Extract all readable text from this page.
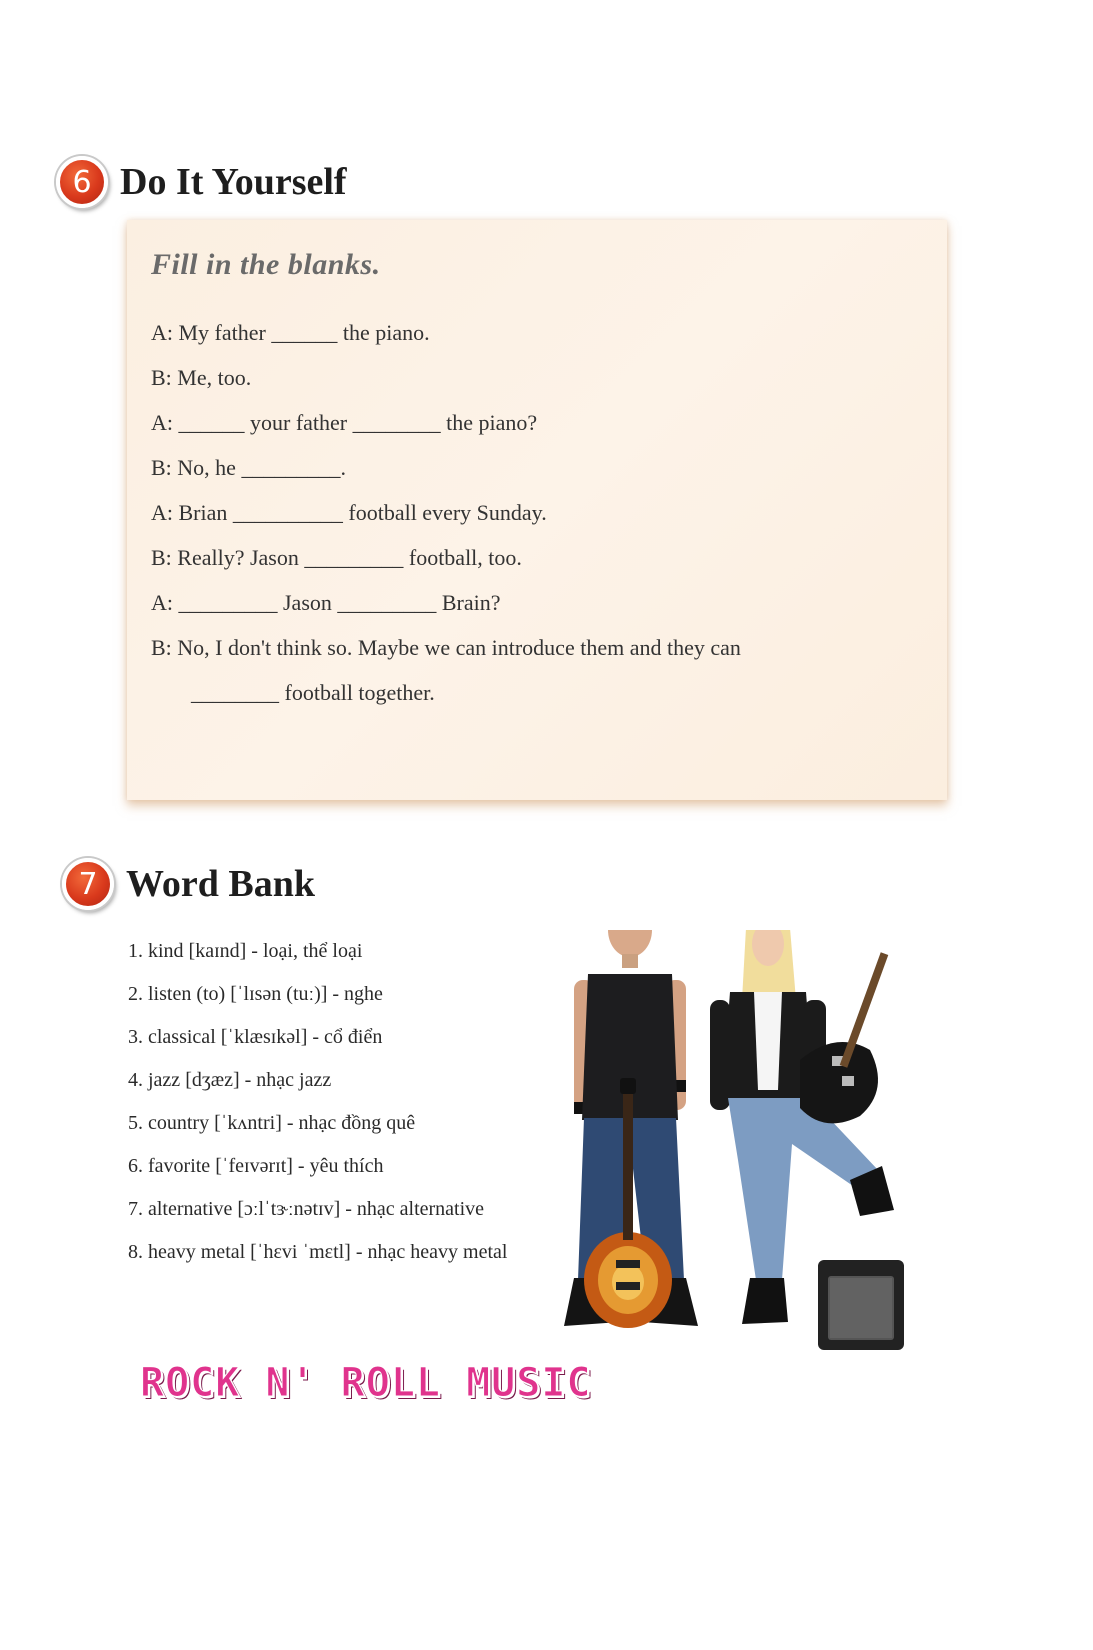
6 Do It Yourself
Fill in the blanks.
A: My father ______ the piano.
B: Me, too.
A: ______ your father ________ the piano?
B: No, he _________.
A: Brian __________ football every Sunday.
B: Really? Jason _________ football, too.
A: _________ Jason _________ Brain?
B: No, I don't think so. Maybe we can introduce them and they can
________ football together.
7 Word Bank
1. kind [kaɪnd] - loại, thể loại
2. listen (to) [ˈlɪsən (tuː)] - nghe
3. classical [ˈklæsɪkəl] - cổ điển
4. jazz [dʒæz] - nhạc jazz
5. country [ˈkʌntri] - nhạc đồng quê
6. favorite [ˈfeɪvərɪt] - yêu thích
7. alternative [ɔːlˈtɝːnətɪv] - nhạc alternative
8. heavy metal [ˈhɛvi ˈmɛtl] - nhạc heavy metal
ROCK N' ROLL MUSIC
